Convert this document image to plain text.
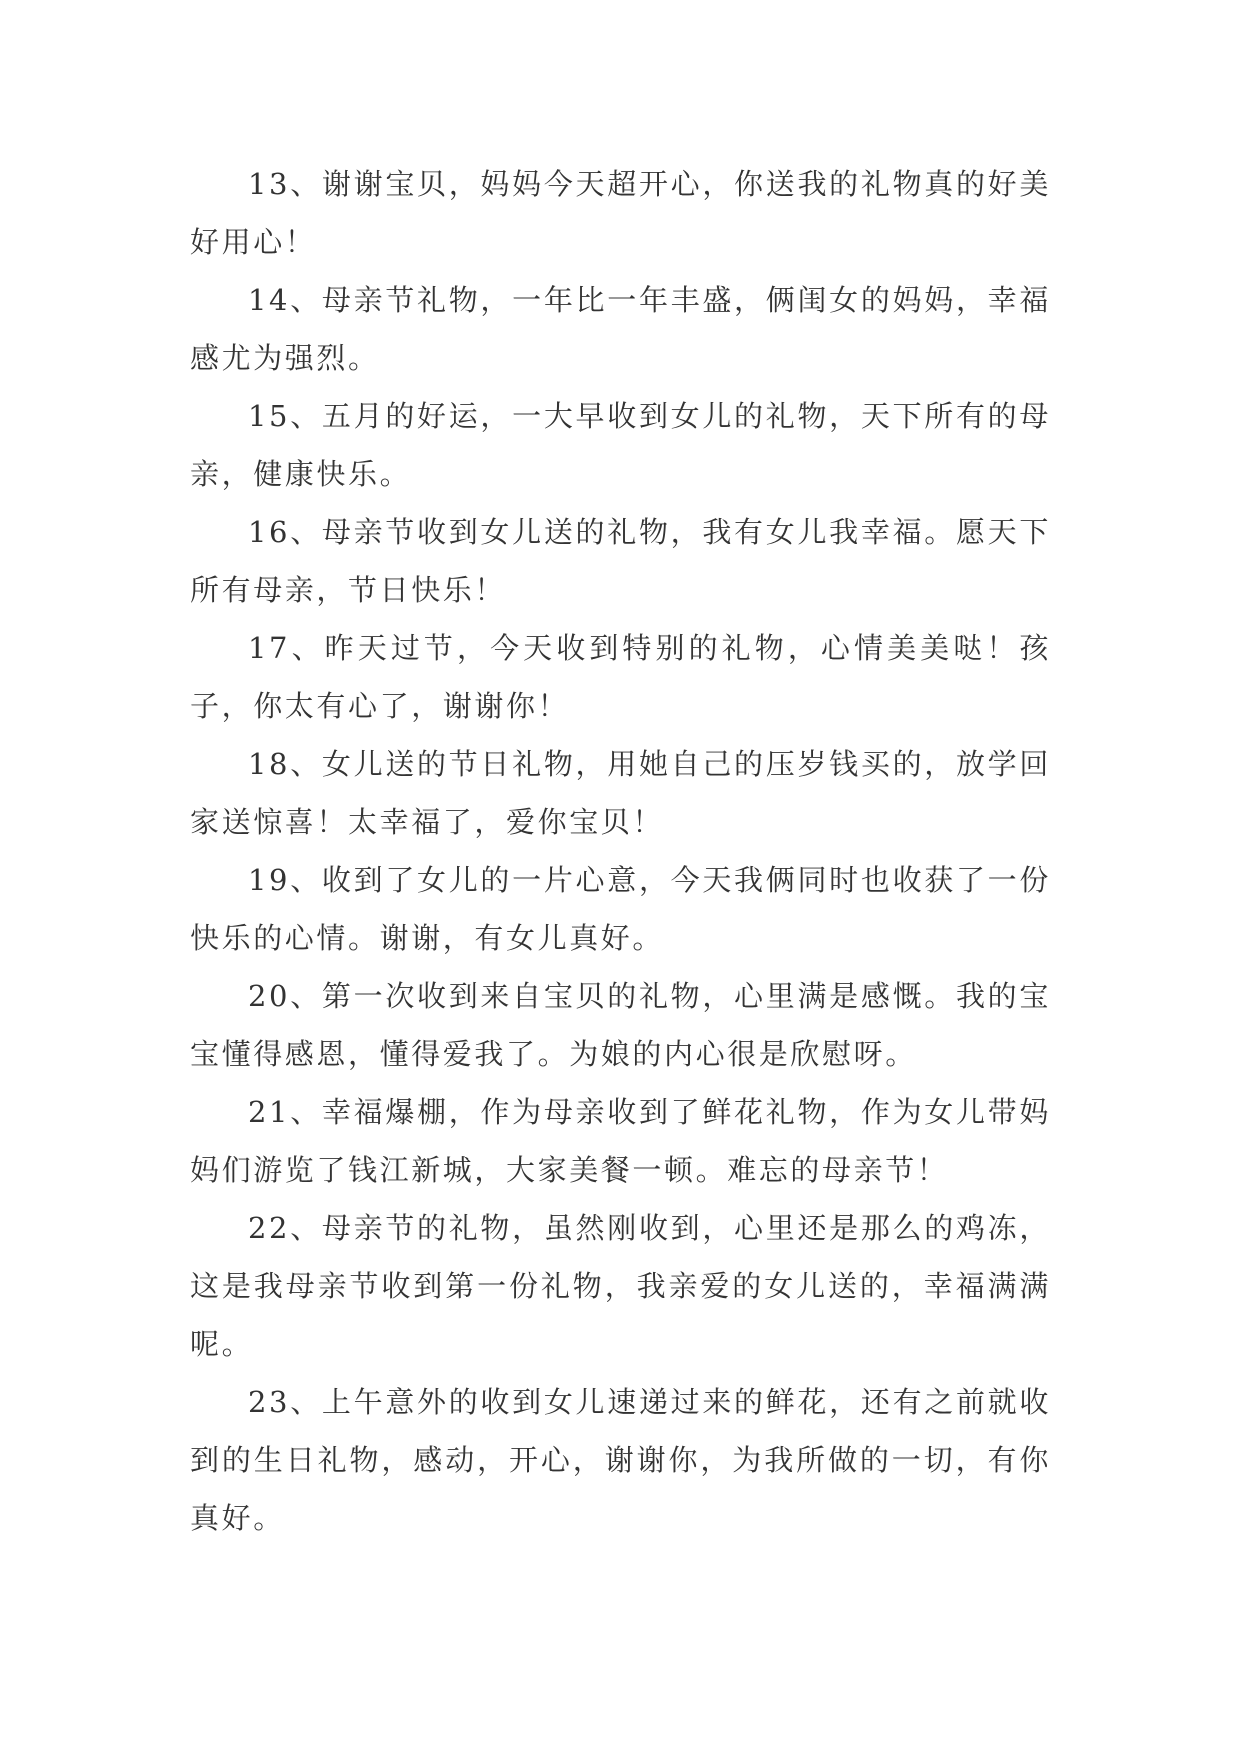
13、谢谢宝贝，妈妈今天超开心，你送我的礼物真的好美好用心！

14、母亲节礼物，一年比一年丰盛，俩闺女的妈妈，幸福感尤为强烈。

15、五月的好运，一大早收到女儿的礼物，天下所有的母亲，健康快乐。

16、母亲节收到女儿送的礼物，我有女儿我幸福。愿天下所有母亲，节日快乐！

17、昨天过节，今天收到特别的礼物，心情美美哒！孩子，你太有心了，谢谢你！

18、女儿送的节日礼物，用她自己的压岁钱买的，放学回家送惊喜！太幸福了，爱你宝贝！

19、收到了女儿的一片心意，今天我俩同时也收获了一份快乐的心情。谢谢，有女儿真好。

20、第一次收到来自宝贝的礼物，心里满是感慨。我的宝宝懂得感恩，懂得爱我了。为娘的内心很是欣慰呀。

21、幸福爆棚，作为母亲收到了鲜花礼物，作为女儿带妈妈们游览了钱江新城，大家美餐一顿。难忘的母亲节！

22、母亲节的礼物，虽然刚收到，心里还是那么的鸡冻，这是我母亲节收到第一份礼物，我亲爱的女儿送的，幸福满满呢。

23、上午意外的收到女儿速递过来的鲜花，还有之前就收到的生日礼物，感动，开心，谢谢你，为我所做的一切，有你真好。
